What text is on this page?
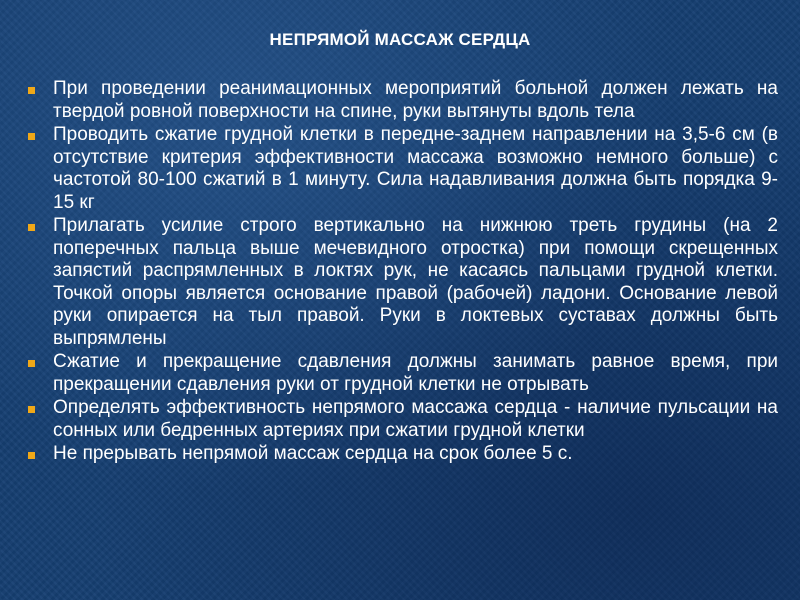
НЕПРЯМОЙ МАССАЖ СЕРДЦА
При проведении реанимационных мероприятий больной должен лежать на твердой ровной поверхности на спине, руки вытянуты вдоль тела
Проводить сжатие грудной клетки в передне-заднем направлении на 3,5-6 см (в отсутствие критерия эффективности массажа возможно немного больше) с частотой 80-100 сжатий в 1 минуту. Сила надавливания должна быть порядка 9-15 кг
Прилагать усилие строго вертикально на нижнюю треть грудины (на 2 поперечных пальца выше мечевидного отростка) при помощи скрещенных запястий распрямленных в локтях рук, не касаясь пальцами грудной клетки. Точкой опоры является основание правой (рабочей) ладони. Основание левой руки опирается на тыл правой. Руки в локтевых суставах должны быть выпрямлены
Сжатие и прекращение сдавления должны занимать равное время, при прекращении сдавления руки от грудной клетки не отрывать
Определять эффективность непрямого массажа сердца - наличие пульсации на сонных или бедренных артериях при сжатии грудной клетки
Не прерывать непрямой массаж сердца на срок более 5 с.
